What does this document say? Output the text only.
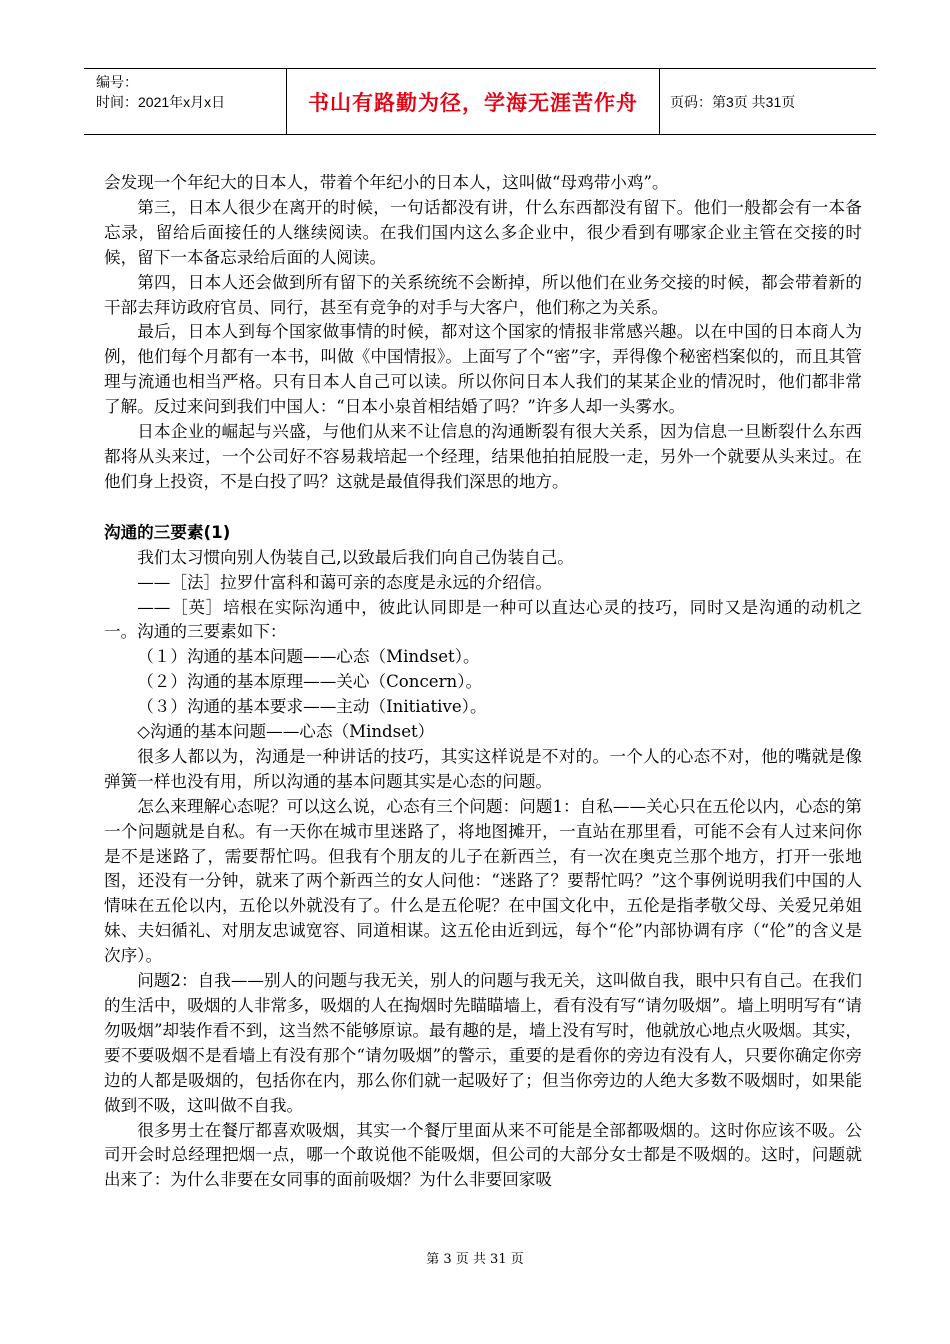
编号：
时间：2021年x月x日	书山有路勤为径，学海无涯苦作舟	页码：第3页 共31页

会发现一个年纪大的日本人，带着个年纪小的日本人，这叫做“母鸡带小鸡”。

第三，日本人很少在离开的时候，一句话都没有讲，什么东西都没有留下。他们一般都会有一本备忘录，留给后面接任的人继续阅读。在我们国内这么多企业中，很少看到有哪家企业主管在交接的时候，留下一本备忘录给后面的人阅读。

第四，日本人还会做到所有留下的关系统统不会断掉，所以他们在业务交接的时候，都会带着新的干部去拜访政府官员、同行，甚至有竞争的对手与大客户，他们称之为关系。

最后，日本人到每个国家做事情的时候，都对这个国家的情报非常感兴趣。以在中国的日本商人为例，他们每个月都有一本书，叫做《中国情报》。上面写了个“密”字，弄得像个秘密档案似的，而且其管理与流通也相当严格。只有日本人自己可以读。所以你问日本人我们的某某企业的情况时，他们都非常了解。反过来问到我们中国人：“日本小泉首相结婚了吗？”许多人却一头雾水。

日本企业的崛起与兴盛，与他们从来不让信息的沟通断裂有很大关系，因为信息一旦断裂什么东西都将从头来过，一个公司好不容易栽培起一个经理，结果他拍拍屁股一走，另外一个就要从头来过。在他们身上投资，不是白投了吗？这就是最值得我们深思的地方。

沟通的三要素(1)

我们太习惯向别人伪装自己,以致最后我们向自己伪装自己。

——［法］拉罗什富科和蔼可亲的态度是永远的介绍信。

——［英］培根在实际沟通中，彼此认同即是一种可以直达心灵的技巧，同时又是沟通的动机之一。沟通的三要素如下：

（１）沟通的基本问题——心态（Mindset）。

（２）沟通的基本原理——关心（Concern）。

（３）沟通的基本要求——主动（Initiative）。

◇沟通的基本问题——心态（Mindset）

很多人都以为，沟通是一种讲话的技巧，其实这样说是不对的。一个人的心态不对，他的嘴就是像弹簧一样也没有用，所以沟通的基本问题其实是心态的问题。

怎么来理解心态呢？可以这么说，心态有三个问题：问题1：自私——关心只在五伦以内，心态的第一个问题就是自私。有一天你在城市里迷路了，将地图摊开，一直站在那里看，可能不会有人过来问你是不是迷路了，需要帮忙吗。但我有个朋友的儿子在新西兰，有一次在奥克兰那个地方，打开一张地图，还没有一分钟，就来了两个新西兰的女人问他：“迷路了？要帮忙吗？”这个事例说明我们中国的人情味在五伦以内，五伦以外就没有了。什么是五伦呢？在中国文化中，五伦是指孝敬父母、关爱兄弟姐妹、夫妇循礼、对朋友忠诚宽容、同道相谋。这五伦由近到远，每个“伦”内部协调有序（“伦”的含义是次序）。

问题2：自我——别人的问题与我无关，别人的问题与我无关，这叫做自我，眼中只有自己。在我们的生活中，吸烟的人非常多，吸烟的人在掏烟时先瞄瞄墙上，看有没有写“请勿吸烟”。墙上明明写有“请勿吸烟”却装作看不到，这当然不能够原谅。最有趣的是，墙上没有写时，他就放心地点火吸烟。其实，要不要吸烟不是看墙上有没有那个“请勿吸烟”的警示，重要的是看你的旁边有没有人，只要你确定你旁边的人都是吸烟的，包括你在内，那么你们就一起吸好了；但当你旁边的人绝大多数不吸烟时，如果能做到不吸，这叫做不自我。

很多男士在餐厅都喜欢吸烟，其实一个餐厅里面从来不可能是全部都吸烟的。这时你应该不吸。公司开会时总经理把烟一点，哪一个敢说他不能吸烟，但公司的大部分女士都是不吸烟的。这时，问题就出来了：为什么非要在女同事的面前吸烟？为什么非要回家吸

第 3 页 共 31 页
